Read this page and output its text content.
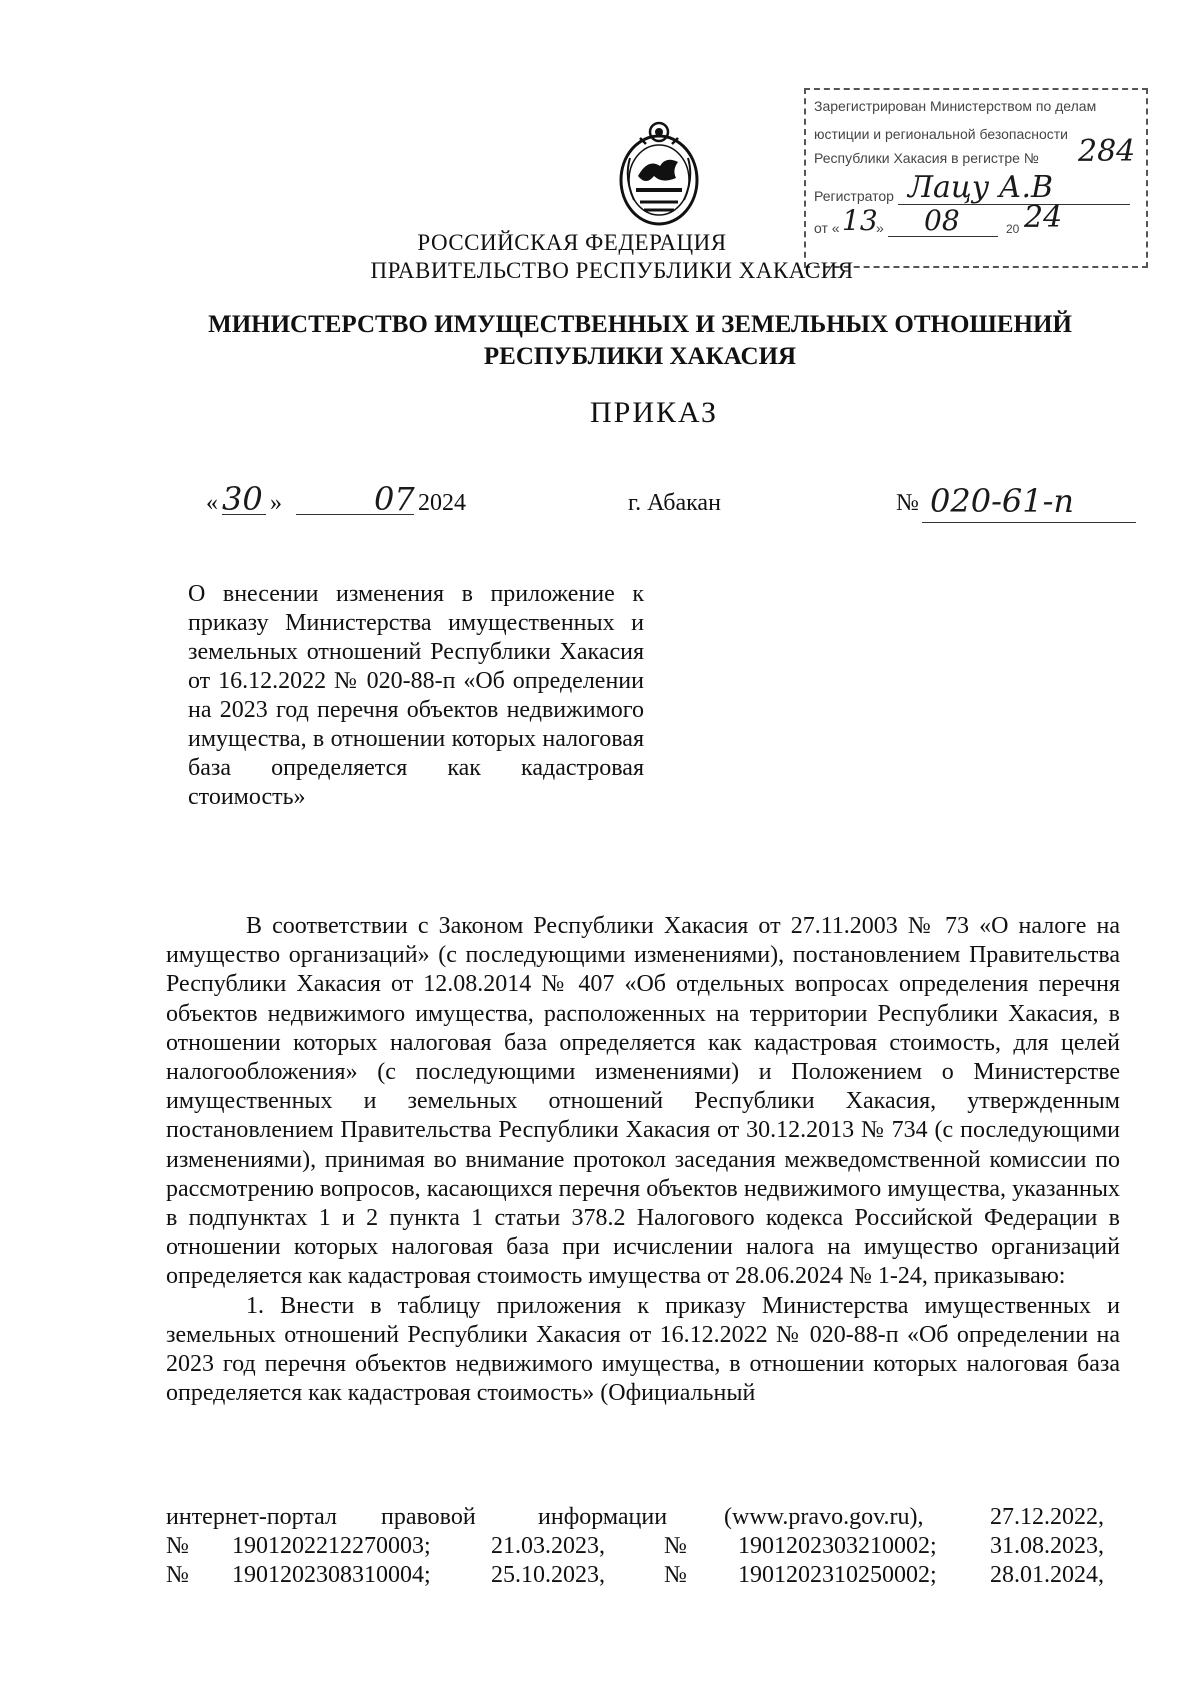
Зарегистрирован Министерством по делам
юстиции и региональной безопасности
Республики Хакасия в регистре № 284
Регистратор Лацу А.В
от « 13
» 08	20 24
РОССИЙСКАЯ ФЕДЕРАЦИЯ
ПРАВИТЕЛЬСТВО РЕСПУБЛИКИ ХАКАСИЯ
МИНИСТЕРСТВО ИМУЩЕСТВЕННЫХ И ЗЕМЕЛЬНЫХ ОТНОШЕНИЙ
РЕСПУБЛИКИ ХАКАСИЯ
ПРИКАЗ
« 30 »	07 2024	г. Абакан	№ 020-61-п
О внесении изменения в приложение к приказу Министерства имущественных и земельных отношений Республики Хакасия от 16.12.2022 № 020-88-п «Об определении на 2023 год перечня объектов недвижимого имущества, в отношении которых налоговая база определяется как кадастровая стоимость»

В соответствии с Законом Республики Хакасия от 27.11.2003 № 73 «О налоге на имущество организаций» (с последующими изменениями), постановлением Правительства Республики Хакасия от 12.08.2014 № 407 «Об отдельных вопросах определения перечня объектов недвижимого имущества, расположенных на территории Республики Хакасия, в отношении которых налоговая база определяется как кадастровая стоимость, для целей налогообложения» (с последующими изменениями) и Положением о Министерстве имущественных и земельных отношений Республики Хакасия, утвержденным постановлением Правительства Республики Хакасия от 30.12.2013 № 734 (с последующими изменениями), принимая во внимание протокол заседания межведомственной комиссии по рассмотрению вопросов, касающихся перечня объектов недвижимого имущества, указанных в подпунктах 1 и 2 пункта 1 статьи 378.2 Налогового кодекса Российской Федерации в отношении которых налоговая база при исчислении налога на имущество организаций определяется как кадастровая стоимость имущества от 28.06.2024 № 1-24, приказываю:

1. Внести в таблицу приложения к приказу Министерства имущественных и земельных отношений Республики Хакасия от 16.12.2022 № 020-88-п «Об определении на 2023 год перечня объектов недвижимого имущества, в отношении которых налоговая база определяется как кадастровая стоимость» (Официальный

интернет-портал правовой	информации (www.pravo.gov.ru),	27.12.2022,
№ 1901202212270003;	21.03.2023, № 1901202303210002; 31.08.2023,
№ 1901202308310004;	25.10.2023, № 1901202310250002; 28.01.2024,
